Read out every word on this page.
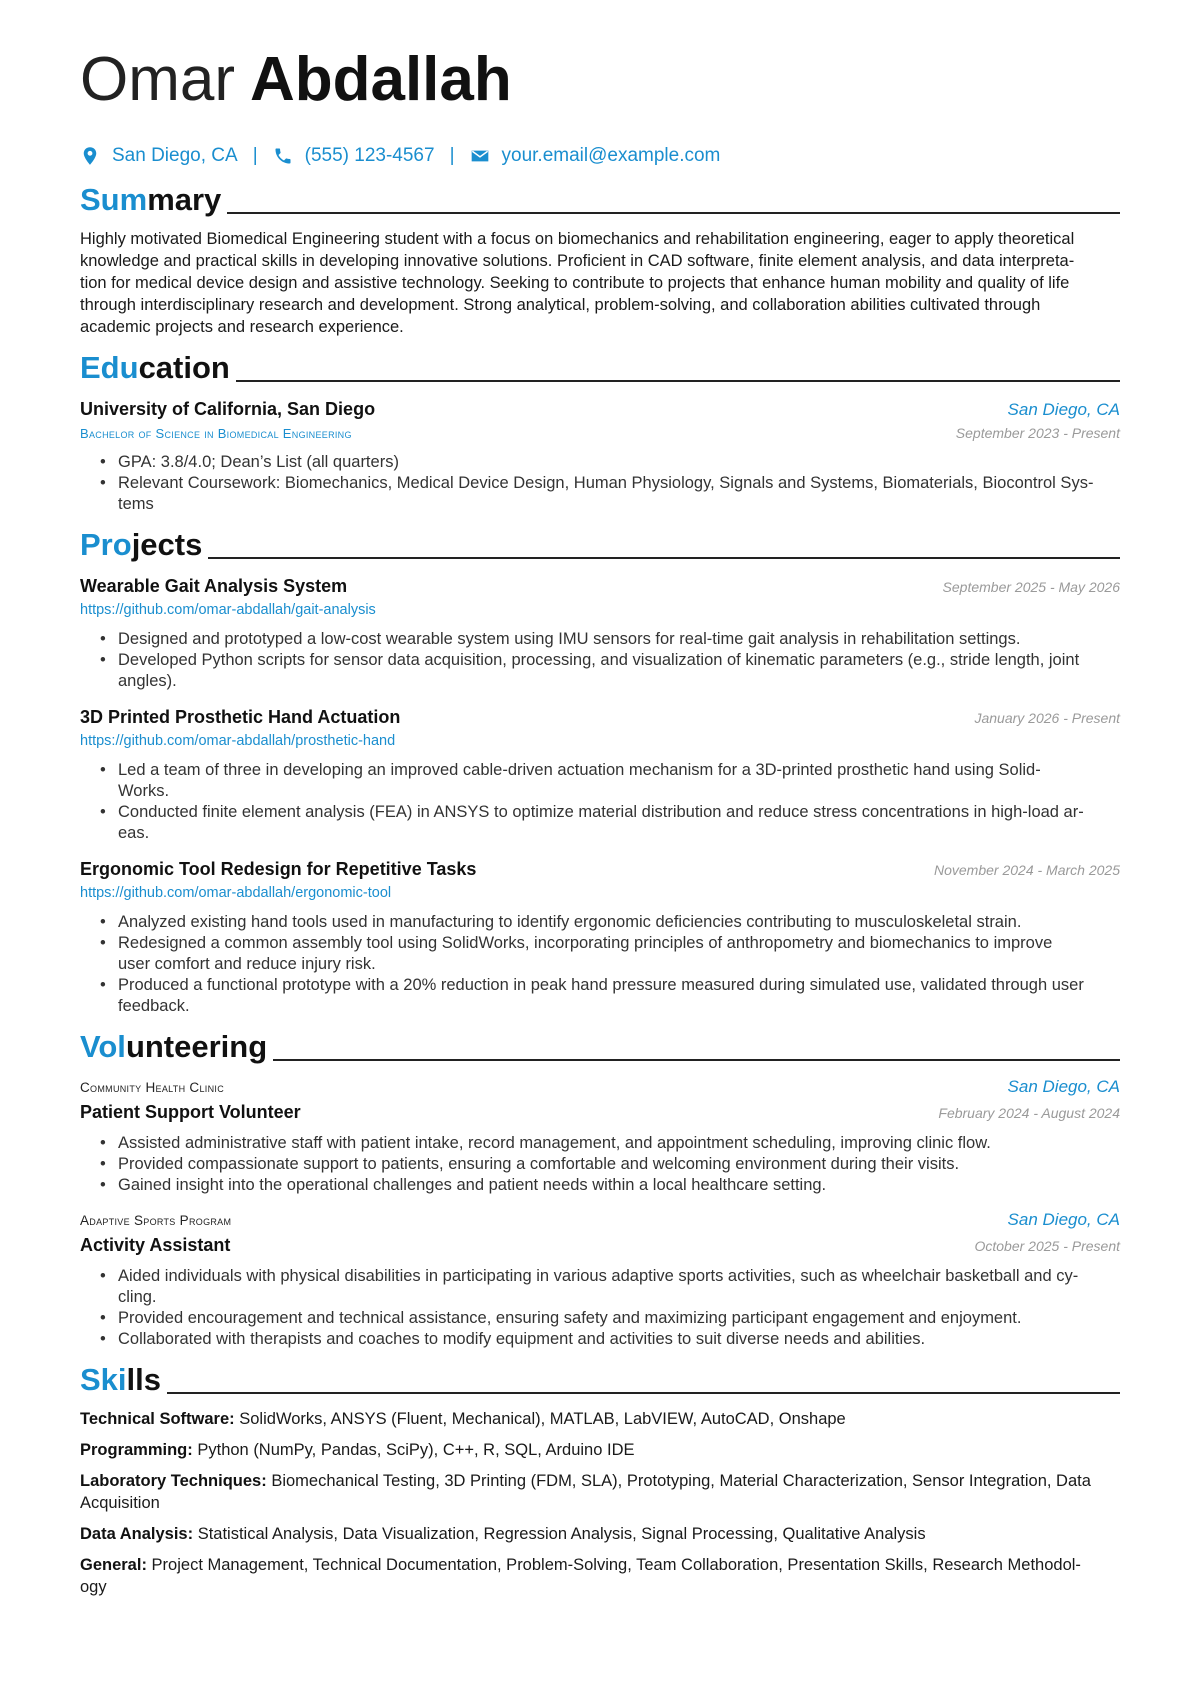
Omar Abdallah
San Diego, CA | (555) 123-4567 | your.email@example.com
Summary

Highly motivated Biomedical Engineering student with a focus on biomechanics and rehabilitation engineering, eager to apply theoretical
knowledge and practical skills in developing innovative solutions. Proficient in CAD software, finite element analysis, and data interpreta-
tion for medical device design and assistive technology. Seeking to contribute to projects that enhance human mobility and quality of life
through interdisciplinary research and development. Strong analytical, problem-solving, and collaboration abilities cultivated through
academic projects and research experience.

Education
University of California, San Diego	San Diego, CA
Bachelor of Science in Biomedical Engineering	September 2023 - Present
• GPA: 3.8/4.0; Dean’s List (all quarters)
• Relevant Coursework: Biomechanics, Medical Device Design, Human Physiology, Signals and Systems, Biomaterials, Biocontrol Sys-
tems
Projects
Wearable Gait Analysis System	September 2025 - May 2026
https://github.com/omar-abdallah/gait-analysis
• Designed and prototyped a low-cost wearable system using IMU sensors for real-time gait analysis in rehabilitation settings.
• Developed Python scripts for sensor data acquisition, processing, and visualization of kinematic parameters (e.g., stride length, joint
angles).
3D Printed Prosthetic Hand Actuation	January 2026 - Present
https://github.com/omar-abdallah/prosthetic-hand
• Led a team of three in developing an improved cable-driven actuation mechanism for a 3D-printed prosthetic hand using Solid-
Works.
• Conducted finite element analysis (FEA) in ANSYS to optimize material distribution and reduce stress concentrations in high-load ar-
eas.
Ergonomic Tool Redesign for Repetitive Tasks	November 2024 - March 2025
https://github.com/omar-abdallah/ergonomic-tool
• Analyzed existing hand tools used in manufacturing to identify ergonomic deficiencies contributing to musculoskeletal strain.
• Redesigned a common assembly tool using SolidWorks, incorporating principles of anthropometry and biomechanics to improve
user comfort and reduce injury risk.
• Produced a functional prototype with a 20% reduction in peak hand pressure measured during simulated use, validated through user
feedback.
Volunteering
Community Health Clinic	San Diego, CA
Patient Support Volunteer	February 2024 - August 2024
• Assisted administrative staff with patient intake, record management, and appointment scheduling, improving clinic flow.
• Provided compassionate support to patients, ensuring a comfortable and welcoming environment during their visits.
• Gained insight into the operational challenges and patient needs within a local healthcare setting.
Adaptive Sports Program	San Diego, CA
Activity Assistant	October 2025 - Present
• Aided individuals with physical disabilities in participating in various adaptive sports activities, such as wheelchair basketball and cy-
cling.
• Provided encouragement and technical assistance, ensuring safety and maximizing participant engagement and enjoyment.
• Collaborated with therapists and coaches to modify equipment and activities to suit diverse needs and abilities.
Skills

Technical Software: SolidWorks, ANSYS (Fluent, Mechanical), MATLAB, LabVIEW, AutoCAD, Onshape

Programming: Python (NumPy, Pandas, SciPy), C++, R, SQL, Arduino IDE

Laboratory Techniques: Biomechanical Testing, 3D Printing (FDM, SLA), Prototyping, Material Characterization, Sensor Integration, Data
Acquisition

Data Analysis: Statistical Analysis, Data Visualization, Regression Analysis, Signal Processing, Qualitative Analysis

General: Project Management, Technical Documentation, Problem-Solving, Team Collaboration, Presentation Skills, Research Methodol-
ogy
